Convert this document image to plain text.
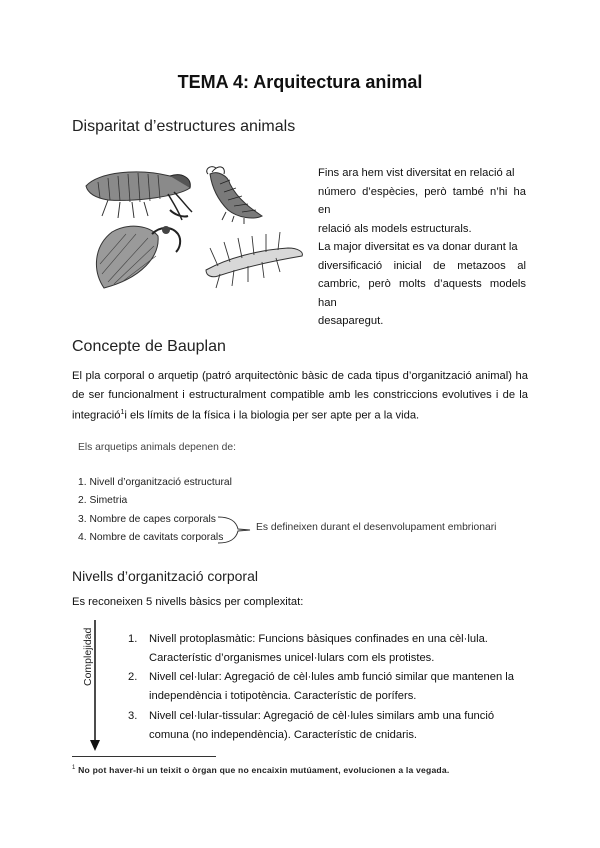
TEMA 4: Arquitectura animal
Disparitat d’estructures animals
Fins ara hem vist diversitat en relació al
número d’espècies, però també n’hi ha en
relació als models estructurals.
La major diversitat es va donar durant la
diversificació inicial de metazoos al
cambric, però molts d’aquests models han
desaparegut.
Concepte de Bauplan
El pla corporal o arquetip (patró arquitectònic bàsic de cada tipus d’organització animal) ha
de ser funcionalment i estructuralment compatible amb les constriccions evolutives i de la
integració$^1$i els límits de la física i la biologia per ser apte per a la vida.
Els arquetips animals depenen de:
1. Nivell d’organització estructural
2. Simetria
3. Nombre de capes corporals
4. Nombre de cavitats corporals
Es defineixen durant el desenvolupament embrionari
Nivells d’organització corporal
Es reconeixen 5 nivells bàsics per complexitat:
Complejidad	1. Nivell protoplasmàtic: Funcions bàsiques confinades en una cèl·lula.
Característic d’organismes unicel·lulars com els protistes.
2. Nivell cel·lular: Agregació de cèl·lules amb funció similar que mantenen la
independència i totipotència. Característic de porífers.
3. Nivell cel·lular-tissular: Agregació de cèl·lules similars amb una funció
comuna (no independència). Característic de cnidaris.
$^1$ No pot haver-hi un teixit o òrgan que no encaixin mutúament, evolucionen a la vegada.
